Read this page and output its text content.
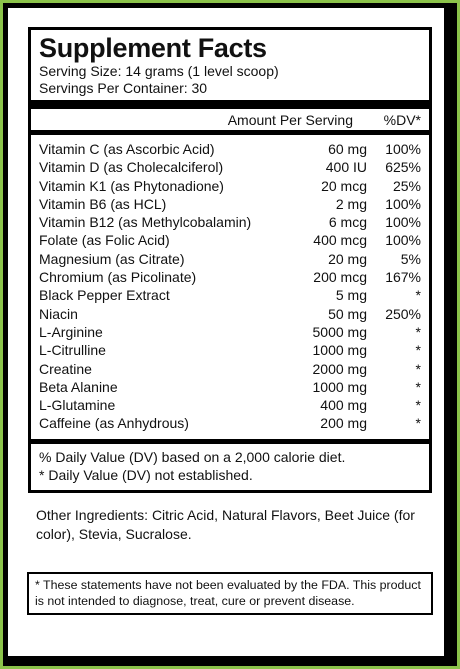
Supplement Facts
Serving Size: 14 grams (1 level scoop)
Servings Per Container: 30
Amount Per Serving	%DV*
Vitamin C (as Ascorbic Acid)	60 mg	100%
Vitamin D (as Cholecalciferol)	400 IU	625%
Vitamin K1 (as Phytonadione)	20 mcg	25%
Vitamin B6 (as HCL)	2 mg	100%
Vitamin B12 (as Methylcobalamin)	6 mcg	100%
Folate (as Folic Acid)	400 mcg	100%
Magnesium (as Citrate)	20 mg	5%
Chromium (as Picolinate)	200 mcg	167%
Black Pepper Extract	5 mg	*
Niacin	50 mg	250%
L-Arginine	5000 mg	*
L-Citrulline	1000 mg	*
Creatine	2000 mg	*
Beta Alanine	1000 mg	*
L-Glutamine	400 mg	*
Caffeine (as Anhydrous)	200 mg	*
% Daily Value (DV) based on a 2,000 calorie diet.
* Daily Value (DV) not established.
Other Ingredients: Citric Acid, Natural Flavors, Beet Juice (for color), Stevia, Sucralose.
* These statements have not been evaluated by the FDA. This product is not intended to diagnose, treat, cure or prevent disease.
